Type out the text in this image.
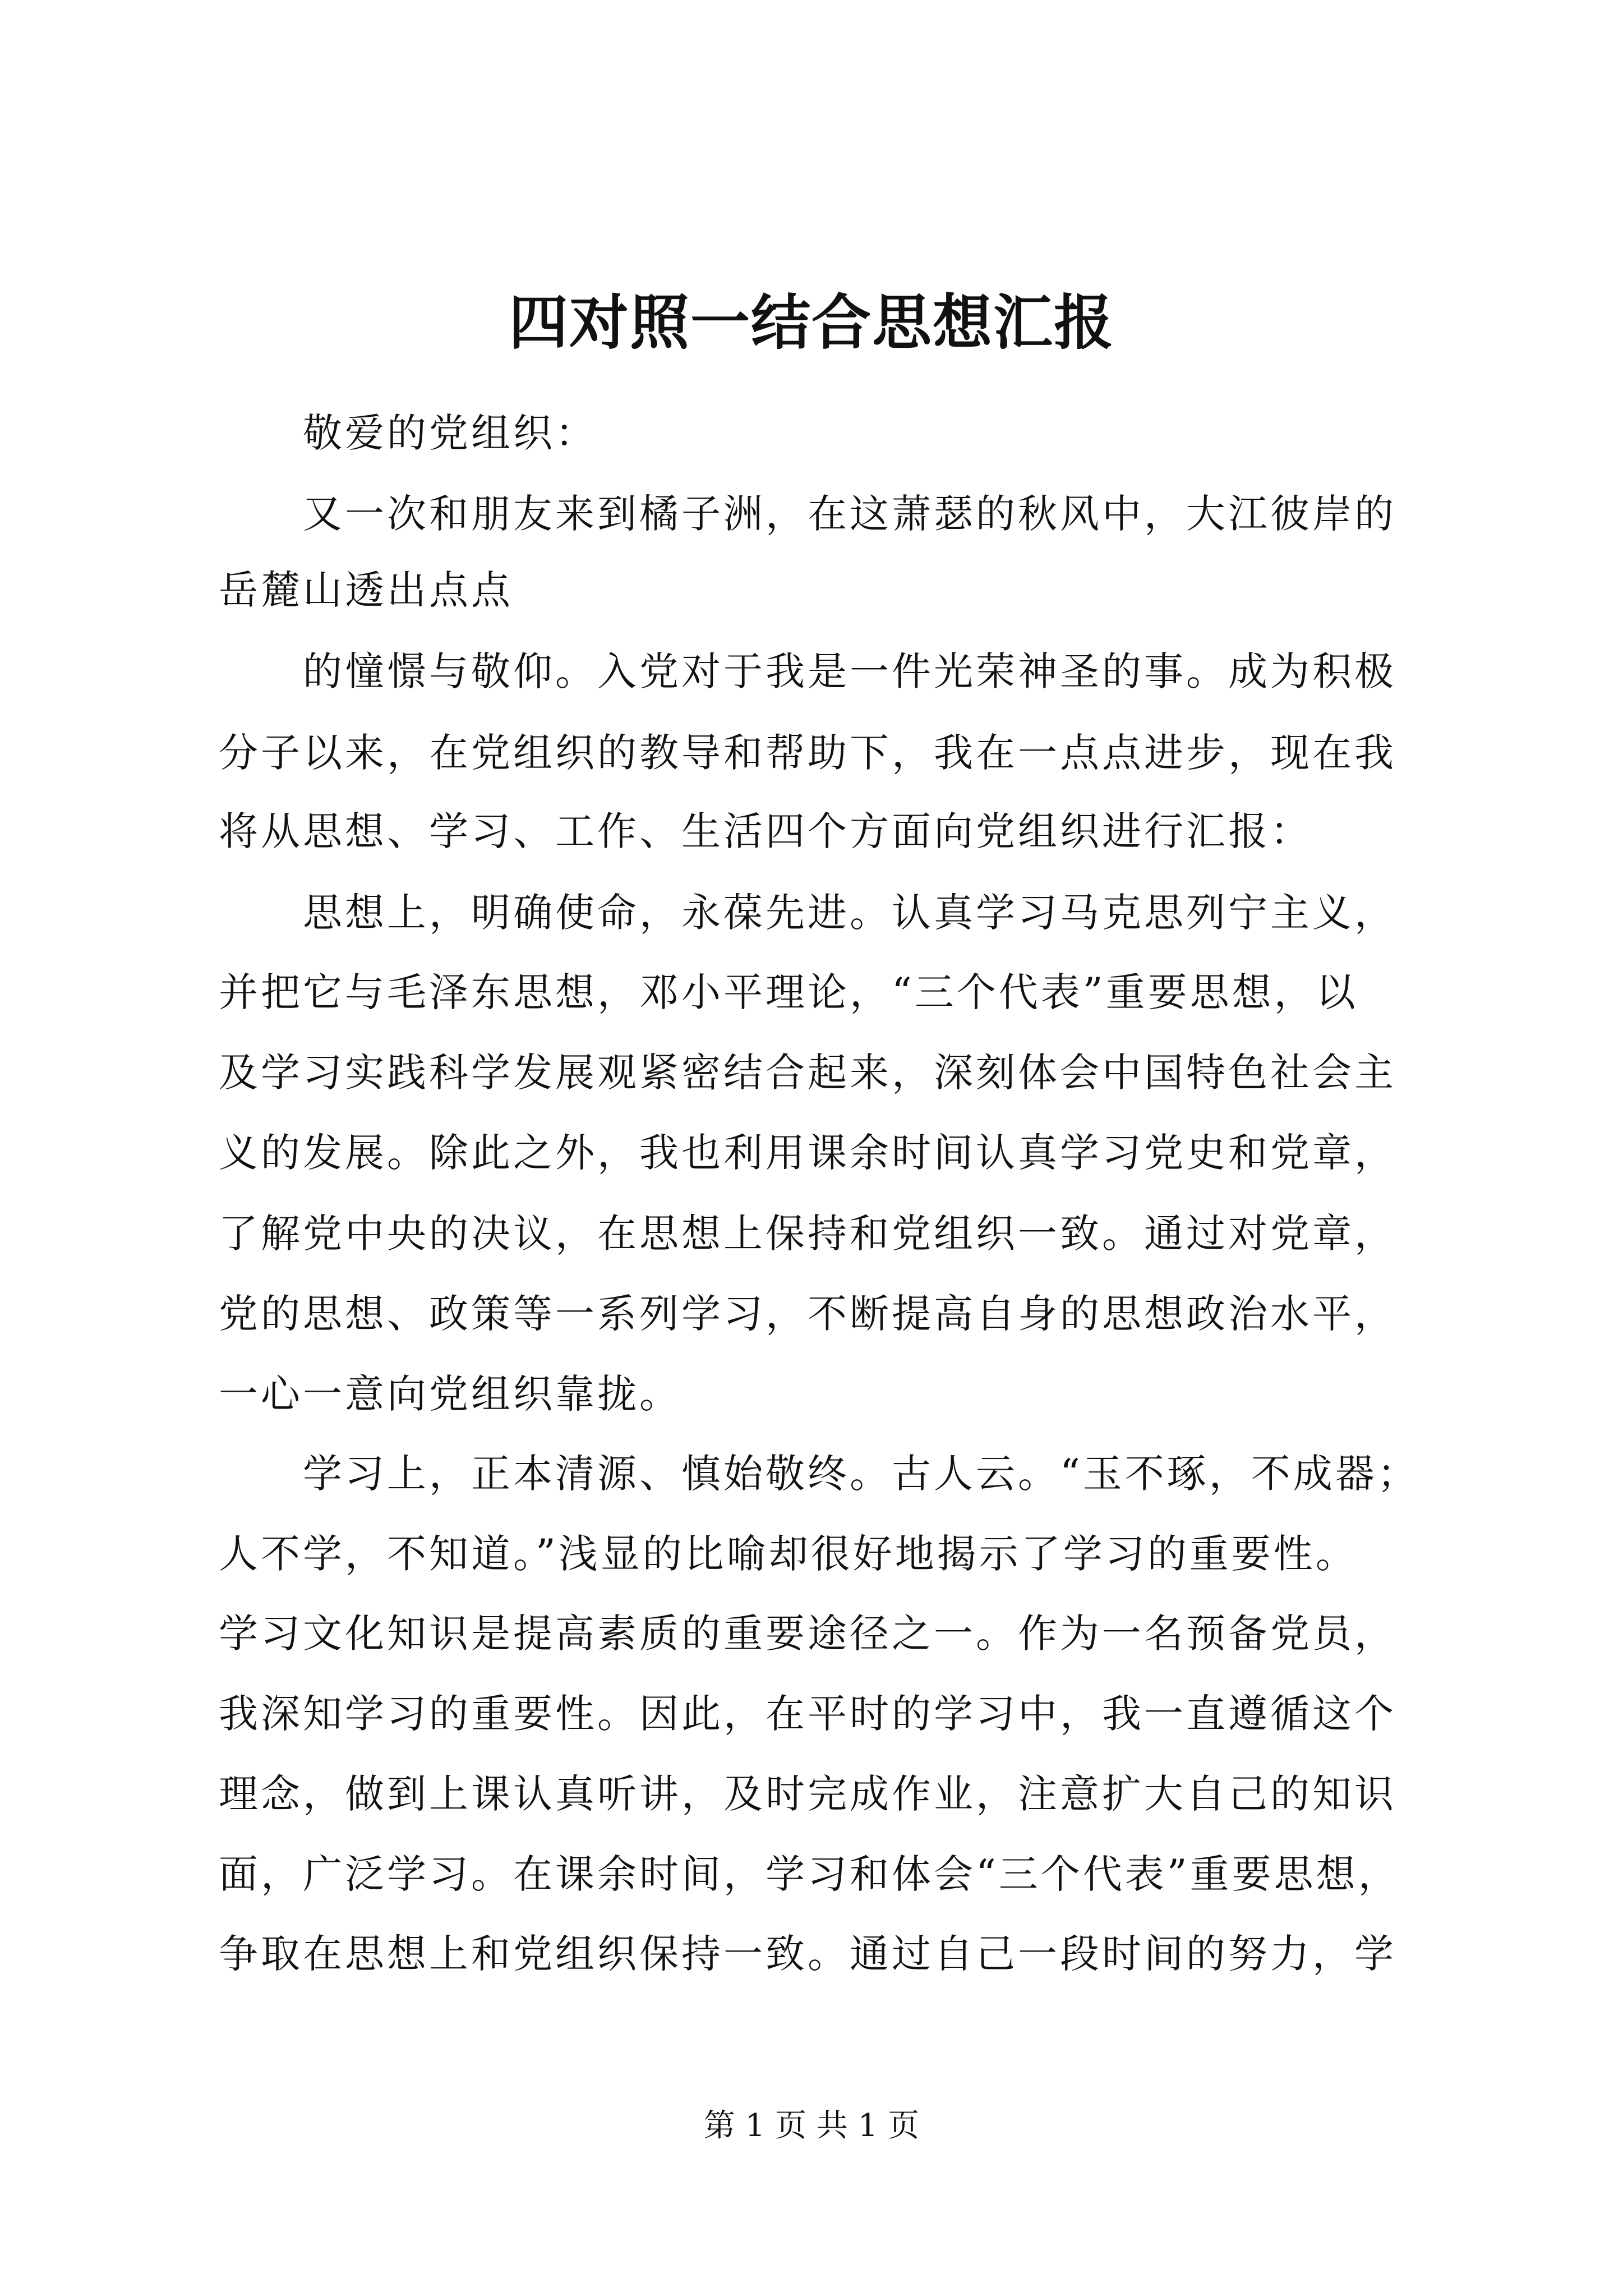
四对照一结合思想汇报
敬爱的党组织：
又一次和朋友来到橘子洲，在这萧瑟的秋风中，大江彼岸的
岳麓山透出点点
的憧憬与敬仰。入党对于我是一件光荣神圣的事。成为积极
分子以来，在党组织的教导和帮助下，我在一点点进步，现在我
将从思想、学习、工作、生活四个方面向党组织进行汇报：
思想上，明确使命，永葆先进。认真学习马克思列宁主义，
并把它与毛泽东思想，邓小平理论，“三个代表”重要思想，以
及学习实践科学发展观紧密结合起来，深刻体会中国特色社会主
义的发展。除此之外，我也利用课余时间认真学习党史和党章，
了解党中央的决议，在思想上保持和党组织一致。通过对党章，
党的思想、政策等一系列学习，不断提高自身的思想政治水平，
一心一意向党组织靠拢。
学习上，正本清源、慎始敬终。古人云。“玉不琢，不成器；
人不学，不知道。”浅显的比喻却很好地揭示了学习的重要性。
学习文化知识是提高素质的重要途径之一。作为一名预备党员，
我深知学习的重要性。因此，在平时的学习中，我一直遵循这个
理念，做到上课认真听讲，及时完成作业，注意扩大自己的知识
面，广泛学习。在课余时间，学习和体会“三个代表”重要思想，
争取在思想上和党组织保持一致。通过自己一段时间的努力，学
第 1 页 共 1 页
